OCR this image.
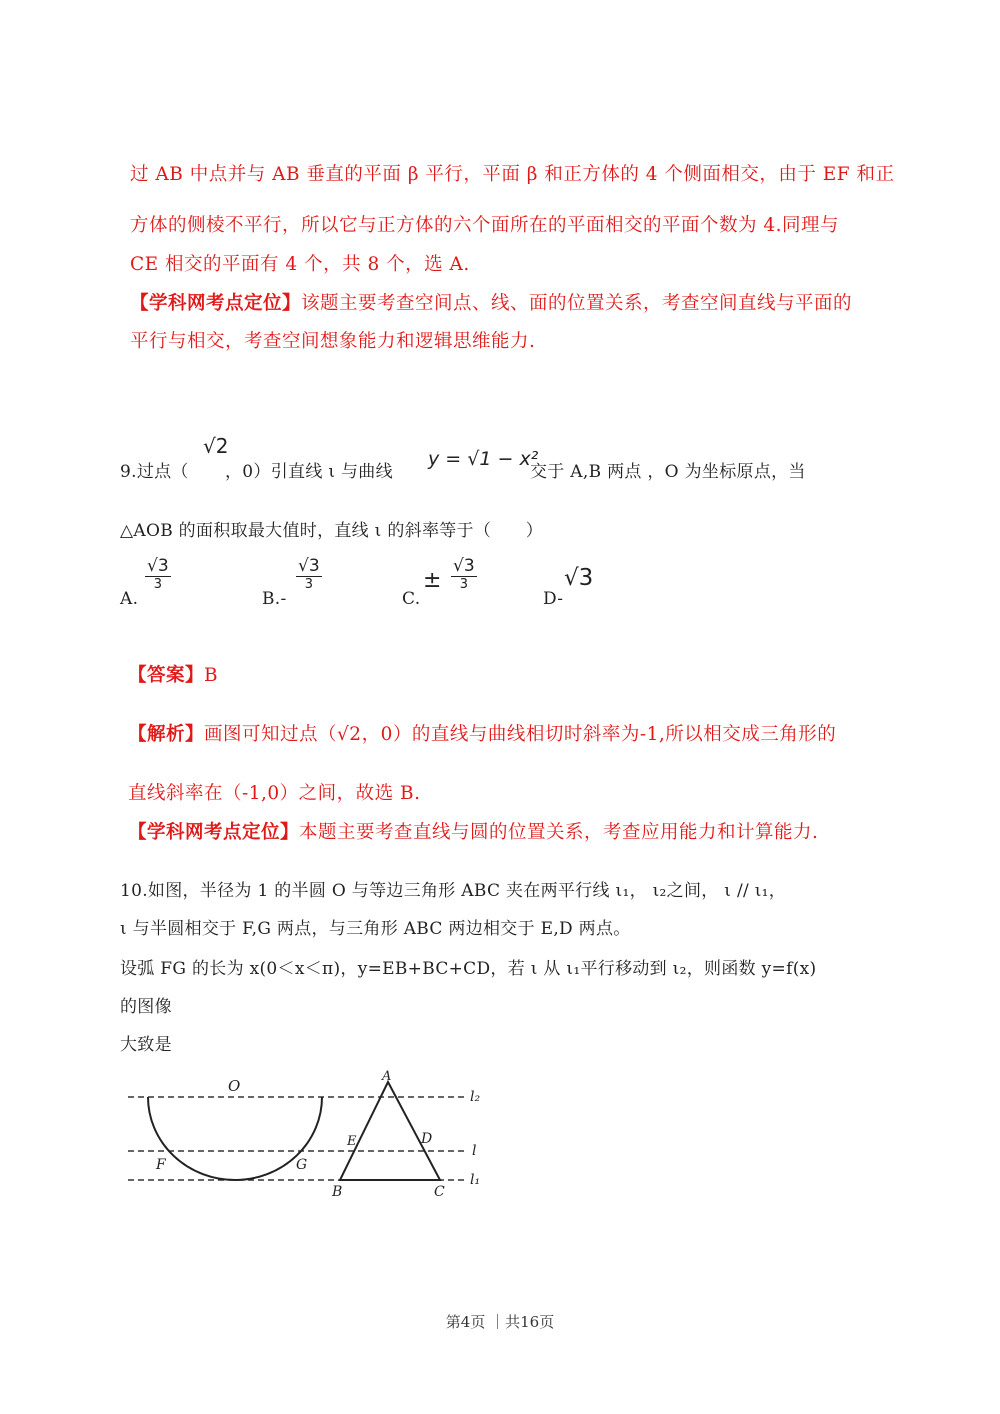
过 AB 中点并与 AB 垂直的平面 β 平行，平面 β 和正方体的 4 个侧面相交，由于 EF 和正
方体的侧棱不平行，所以它与正方体的六个面所在的平面相交的平面个数为 4.同理与
CE 相交的平面有 4 个，共 8 个，选 A.
【学科网考点定位】该题主要考查空间点、线、面的位置关系，考查空间直线与平面的
平行与相交，考查空间想象能力和逻辑思维能力.
9.过点（
√2
，0）引直线 ι 与曲线
y = √1 − x²
交于 A,B 两点 ，O 为坐标原点，当
△AOB 的面积取最大值时，直线 ι 的斜率等于（　　）
A.
√3
3
B.-
√3
3
C.
±
√3
3
D-
√3
【答案】B
【解析】画图可知过点（√2，0）的直线与曲线相切时斜率为-1,所以相交成三角形的
直线斜率在（-1,0）之间，故选 B.
【学科网考点定位】本题主要考查直线与圆的位置关系，考查应用能力和计算能力.
10.如图，半径为 1 的半圆 O 与等边三角形 ABC 夹在两平行线 ι₁， ι₂之间， ι // ι₁，
ι 与半圆相交于 F,G 两点，与三角形 ABC 两边相交于 E,D 两点。
设弧 FG 的长为 x(0＜x＜π)，y=EB+BC+CD，若 ι 从 ι₁平行移动到 ι₂，则函数 y=f(x)
的图像
大致是
O
A
F	G
E	D
B	C
l₂
l
l₁
第4页 ｜共16页
